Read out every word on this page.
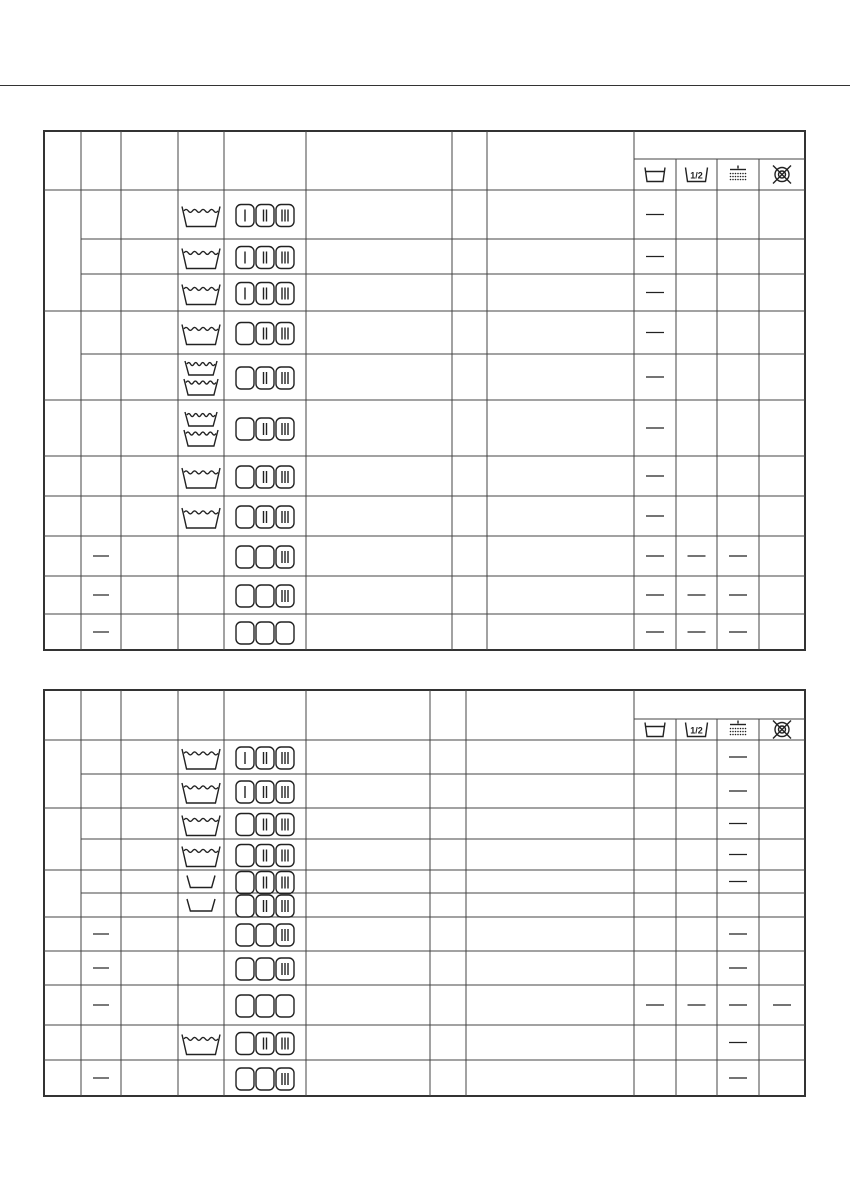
1/2
1/2
